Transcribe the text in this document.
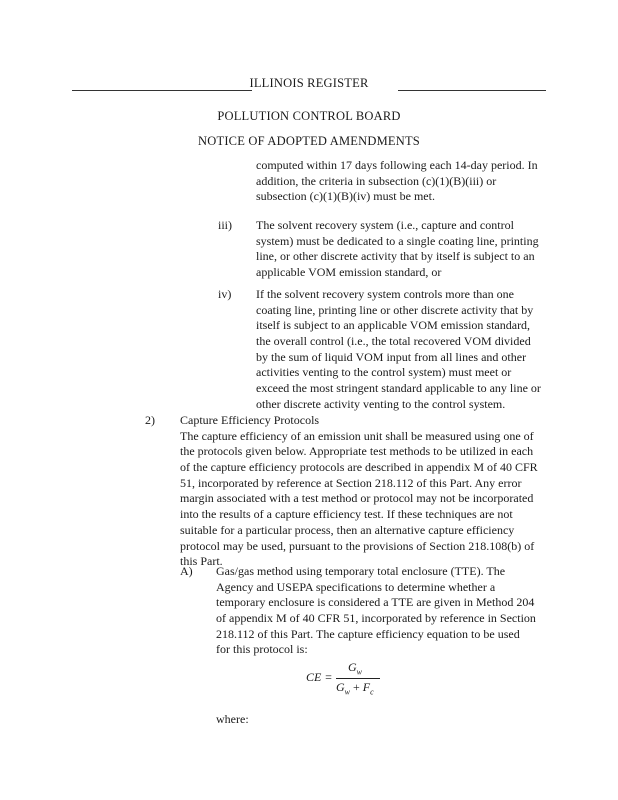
ILLINOIS REGISTER
POLLUTION CONTROL BOARD
NOTICE OF ADOPTED AMENDMENTS
computed within 17 days following each 14-day period. In
addition, the criteria in subsection (c)(1)(B)(iii) or
subsection (c)(1)(B)(iv) must be met.
iii) The solvent recovery system (i.e., capture and control
system) must be dedicated to a single coating line, printing
line, or other discrete activity that by itself is subject to an
applicable VOM emission standard, or
iv) If the solvent recovery system controls more than one
coating line, printing line or other discrete activity that by
itself is subject to an applicable VOM emission standard,
the overall control (i.e., the total recovered VOM divided
by the sum of liquid VOM input from all lines and other
activities venting to the control system) must meet or
exceed the most stringent standard applicable to any line or
other discrete activity venting to the control system.
2) Capture Efficiency Protocols
The capture efficiency of an emission unit shall be measured using one of
the protocols given below. Appropriate test methods to be utilized in each
of the capture efficiency protocols are described in appendix M of 40 CFR
51, incorporated by reference at Section 218.112 of this Part. Any error
margin associated with a test method or protocol may not be incorporated
into the results of a capture efficiency test. If these techniques are not
suitable for a particular process, then an alternative capture efficiency
protocol may be used, pursuant to the provisions of Section 218.108(b) of
this Part.
A) Gas/gas method using temporary total enclosure (TTE). The
Agency and USEPA specifications to determine whether a
temporary enclosure is considered a TTE are given in Method 204
of appendix M of 40 CFR 51, incorporated by reference in Section
218.112 of this Part. The capture efficiency equation to be used
for this protocol is:
CE =
$G_w$
$G_w + F_c$
where:
